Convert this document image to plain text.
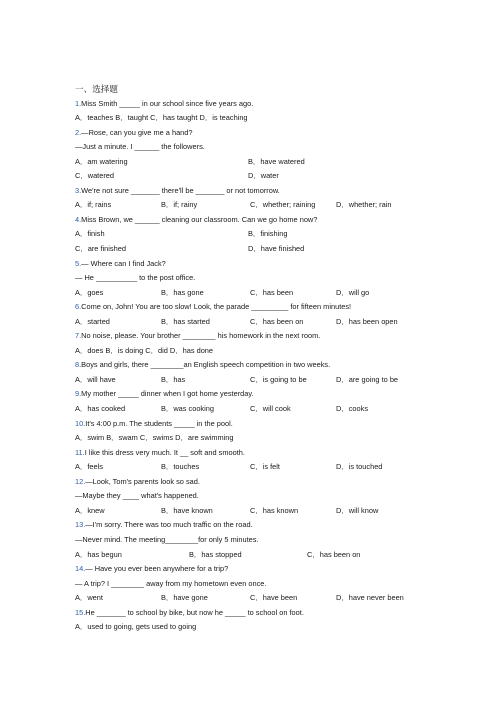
一、选择题
1.Miss Smith _____ in our school since five years ago.
A．teaches B．taught C．has taught D．is teaching
2.—Rose, can you give me a hand?
—Just a minute. I ______ the followers.
A．am watering	B．have watered
C．watered	D．water
3.We're not sure _______ there'll be _______ or not tomorrow.
A．if; rains	B．if; rainy	C．whether; raining	D．whether; rain
4.Miss Brown, we ______ cleaning our classroom. Can we go home now?
A．finish	B．finishing
C．are finished	D．have finished
5.— Where can I find Jack?
— He __________ to the post office.
A．goes	B．has gone	C．has been	D．will go
6.Come on, John! You are too slow! Look, the parade _________ for fifteen minutes!
A．started	B．has started	C．has been on	D．has been open
7.No noise, please. Your brother ________ his homework in the next room.
A．does B．is doing C．did D．has done
8.Boys and girls, there ________an English speech competition in two weeks.
A．will have	B．has	C．is going to be	D．are going to be
9.My mother _____ dinner when I got home yesterday.
A．has cooked	B．was cooking	C．will cook	D．cooks
10.It's 4:00 p.m. The students _____ in the pool.
A．swim B．swam C．swims D．are swimming
11.I like this dress very much. It __ soft and smooth.
A．feels	B．touches	C．is felt	D．is touched
12.—Look, Tom's parents look so sad.
—Maybe they ____ what's happened.
A．knew	B．have known	C．has known	D．will know
13.—I'm sorry. There was too much traffic on the road.
—Never mind. The meeting________for only 5 minutes.
A．has begun	B．has stopped	C．has been on
14.— Have you ever been anywhere for a trip?
— A trip? I ________ away from my hometown even once.
A．went	B．have gone	C．have been	D．have never been
15.He _______ to school by bike, but now he _____ to school on foot.
A．used to going, gets used to going
